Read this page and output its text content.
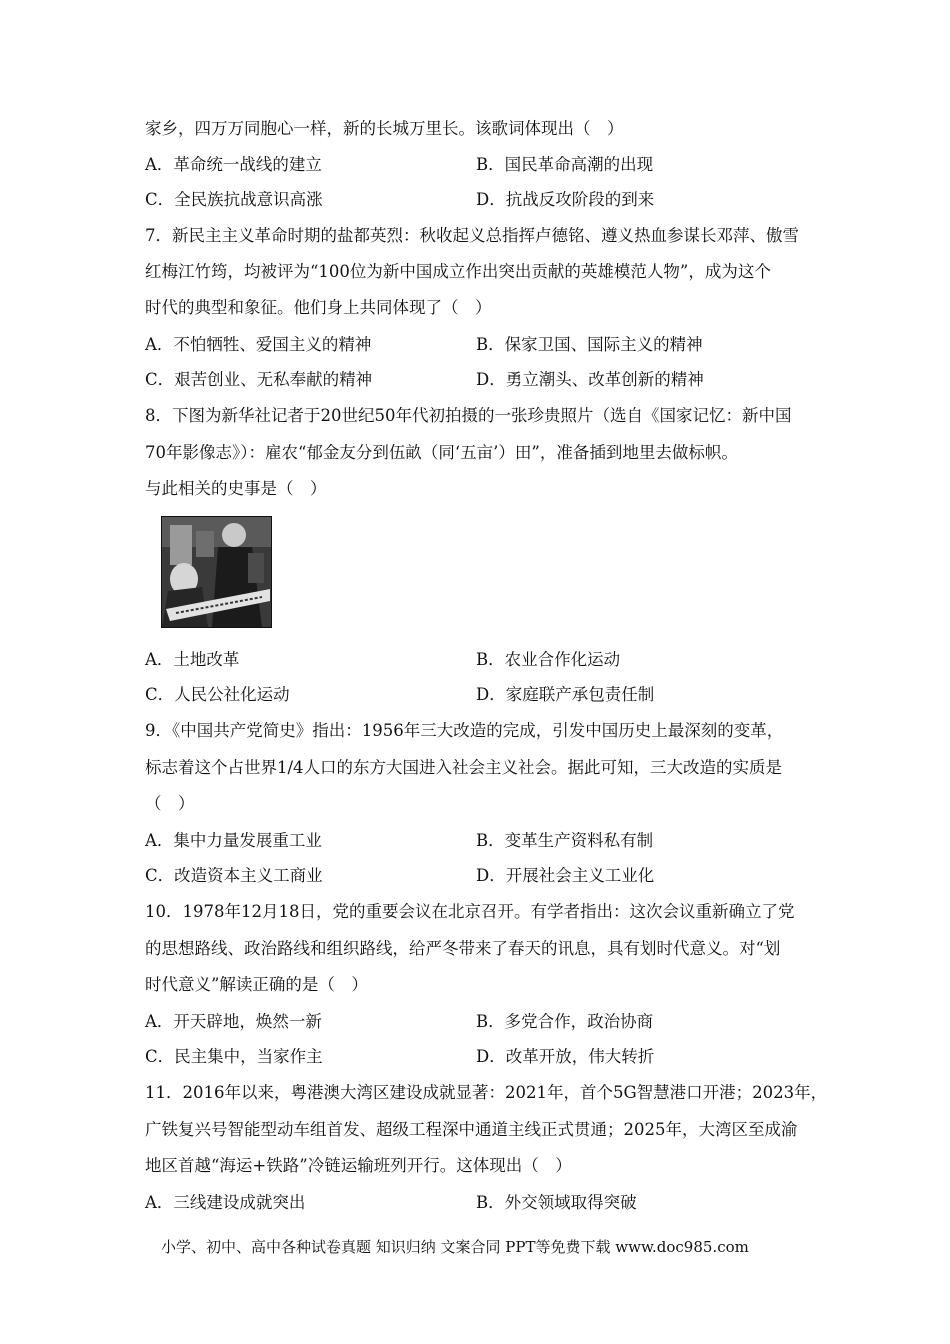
家乡，四万万同胞心一样，新的长城万里长。该歌词体现出（　）
A．革命统一战线的建立	B．国民革命高潮的出现
C．全民族抗战意识高涨	D．抗战反攻阶段的到来
7．新民主主义革命时期的盐都英烈：秋收起义总指挥卢德铭、遵义热血参谋长邓萍、傲雪
红梅江竹筠，均被评为“100位为新中国成立作出突出贡献的英雄模范人物”，成为这个
时代的典型和象征。他们身上共同体现了（　）
A．不怕牺牲、爱国主义的精神	B．保家卫国、国际主义的精神
C．艰苦创业、无私奉献的精神	D．勇立潮头、改革创新的精神
8．下图为新华社记者于20世纪50年代初拍摄的一张珍贵照片（选自《国家记忆：新中国
70年影像志》）：雇农“郁金友分到伍畝（同‘五亩’）田”，准备插到地里去做标帜。
与此相关的史事是（　）
A．土地改革	B．农业合作化运动
C．人民公社化运动	D．家庭联产承包责任制
9．《中国共产党简史》指出：1956年三大改造的完成，引发中国历史上最深刻的变革，
标志着这个占世界1/4人口的东方大国进入社会主义社会。据此可知，三大改造的实质是
（　）
A．集中力量发展重工业	B．变革生产资料私有制
C．改造资本主义工商业	D．开展社会主义工业化
10．1978年12月18日，党的重要会议在北京召开。有学者指出：这次会议重新确立了党
的思想路线、政治路线和组织路线，给严冬带来了春天的讯息，具有划时代意义。对“划
时代意义”解读正确的是（　）
A．开天辟地，焕然一新	B．多党合作，政治协商
C．民主集中，当家作主	D．改革开放，伟大转折
11．2016年以来，粤港澳大湾区建设成就显著：2021年，首个5G智慧港口开港；2023年，
广铁复兴号智能型动车组首发、超级工程深中通道主线正式贯通；2025年，大湾区至成渝
地区首越“海运+铁路”冷链运输班列开行。这体现出（　）
A．三线建设成就突出	B．外交领域取得突破
小学、初中、高中各种试卷真题 知识归纳 文案合同 PPT等免费下载 www.doc985.com
